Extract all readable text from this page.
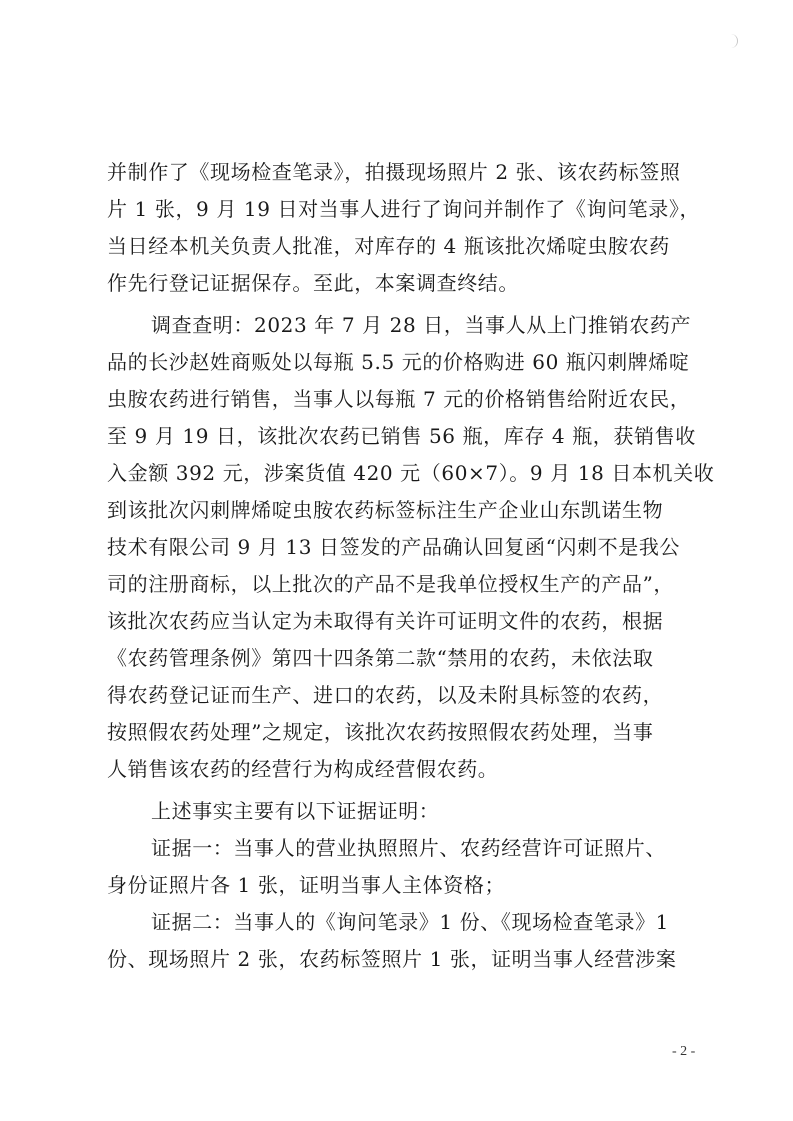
并制作了《现场检查笔录》，拍摄现场照片 2 张、该农药标签照
片 1 张，9 月 19 日对当事人进行了询问并制作了《询问笔录》，
当日经本机关负责人批准，对库存的 4 瓶该批次烯啶虫胺农药
作先行登记证据保存。至此，本案调查终结。
调查查明：2023 年 7 月 28 日，当事人从上门推销农药产
品的长沙赵姓商贩处以每瓶 5.5 元的价格购进 60 瓶闪刺牌烯啶
虫胺农药进行销售，当事人以每瓶 7 元的价格销售给附近农民，
至 9 月 19 日，该批次农药已销售 56 瓶，库存 4 瓶，获销售收
入金额 392 元，涉案货值 420 元（60×7）。9 月 18 日本机关收
到该批次闪刺牌烯啶虫胺农药标签标注生产企业山东凯诺生物
技术有限公司 9 月 13 日签发的产品确认回复函“闪刺不是我公
司的注册商标，以上批次的产品不是我单位授权生产的产品”，
该批次农药应当认定为未取得有关许可证明文件的农药，根据
《农药管理条例》第四十四条第二款“禁用的农药，未依法取
得农药登记证而生产、进口的农药，以及未附具标签的农药，
按照假农药处理”之规定，该批次农药按照假农药处理，当事
人销售该农药的经营行为构成经营假农药。
上述事实主要有以下证据证明：
证据一：当事人的营业执照照片、农药经营许可证照片、
身份证照片各 1 张，证明当事人主体资格；
证据二：当事人的《询问笔录》1 份、《现场检查笔录》1
份、现场照片 2 张，农药标签照片 1 张，证明当事人经营涉案
- 2 -
